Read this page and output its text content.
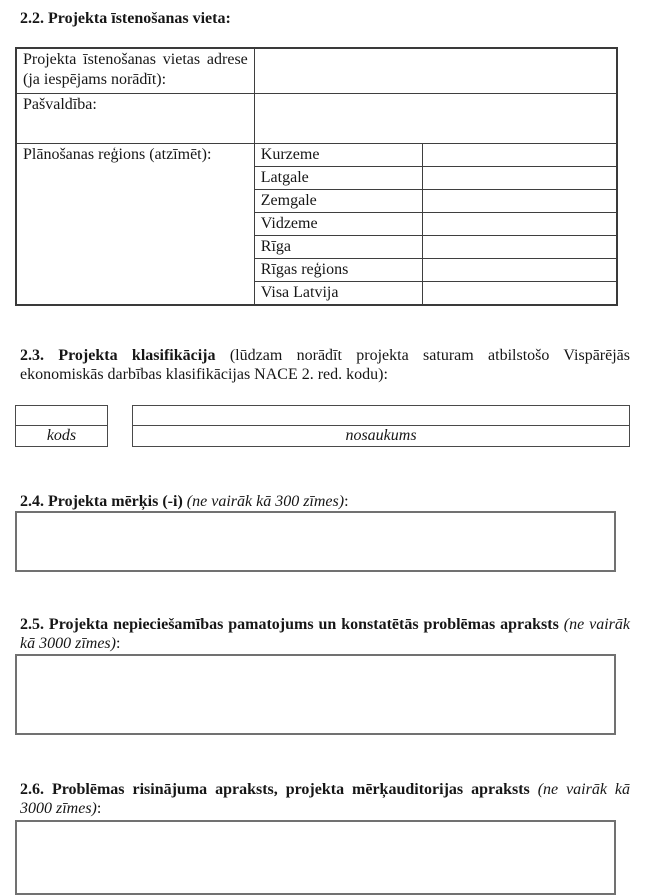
2.2. Projekta īstenošanas vieta:
Projekta īstenošanas vietas adrese (ja iespējams norādīt):		
Pašvaldība:		
Plānošanas reģions (atzīmēt):	Kurzeme	
	Latgale	
	Zemgale	
	Vidzeme	
	Rīga	
	Rīgas reģions	
	Visa Latvija	
2.3. Projekta klasifikācija (lūdzam norādīt projekta saturam atbilstošo Vispārējās ekonomiskās darbības klasifikācijas NACE 2. red. kodu):

kods	nosaukums
2.4. Projekta mērķis (-i) (ne vairāk kā 300 zīmes):
2.5. Projekta nepieciešamības pamatojums un konstatētās problēmas apraksts (ne vairāk kā 3000 zīmes):
2.6. Problēmas risinājuma apraksts, projekta mērķauditorijas apraksts (ne vairāk kā 3000 zīmes):
